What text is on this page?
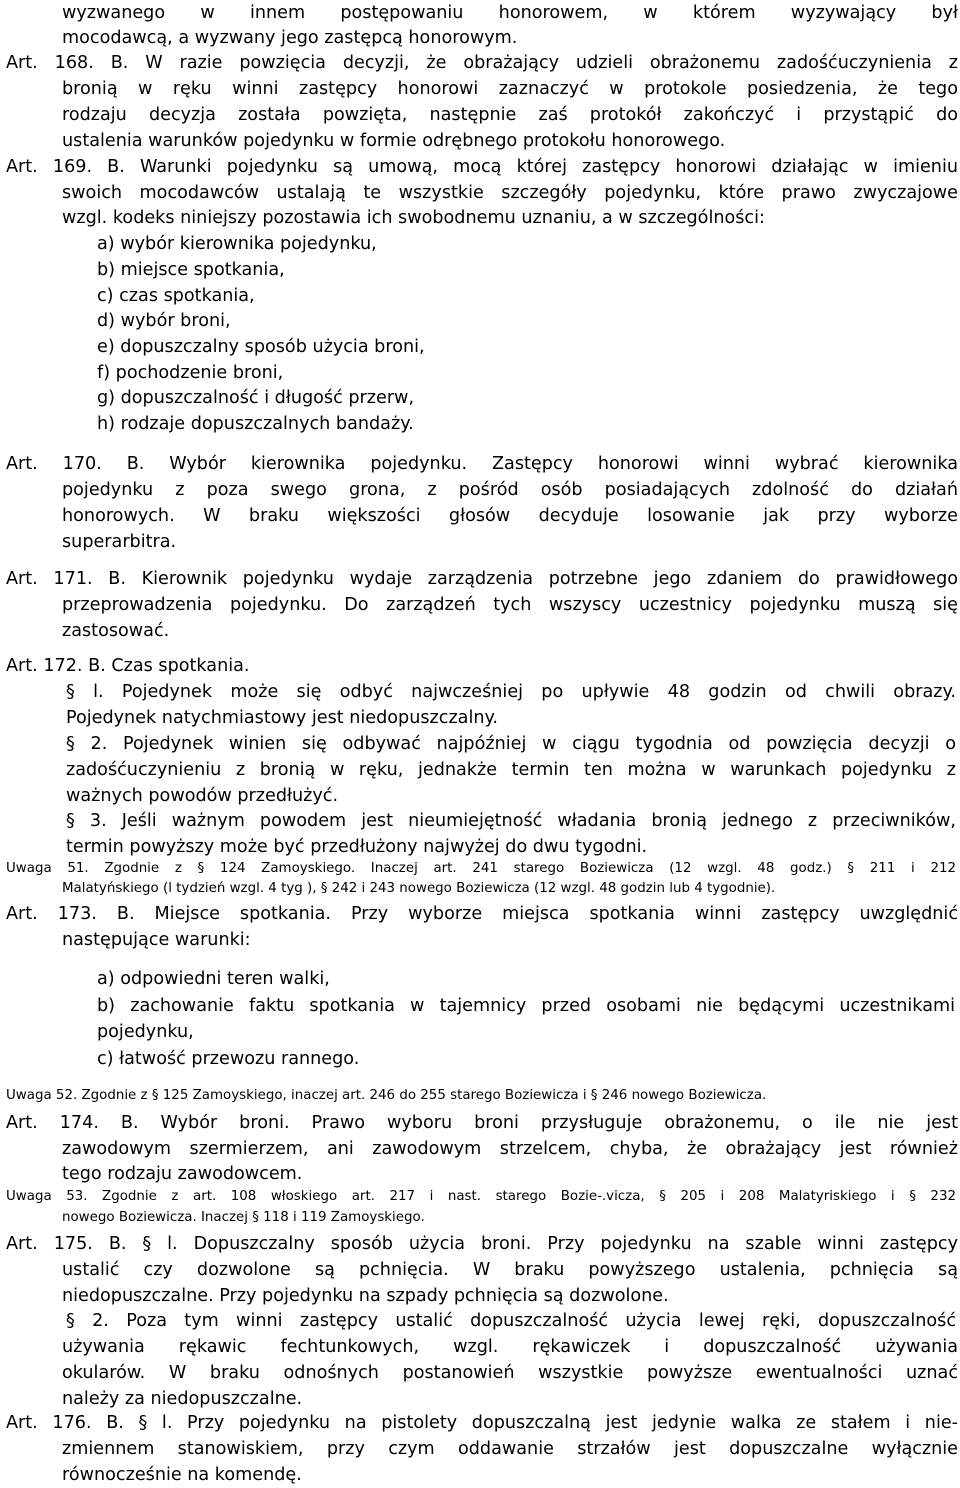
wyzwanego w innem postępowaniu honorowem, w którem wyzywający był
mocodawcą, a wyzwany jego zastępcą honorowym.
Art. 168. B. W razie powzięcia decyzji, że obrażający udzieli obrażonemu zadośćuczynienia z
bronią w ręku winni zastępcy honorowi zaznaczyć w protokole posiedzenia, że tego
rodzaju decyzja została powzięta, następnie zaś protokół zakończyć i przystąpić do
ustalenia warunków pojedynku w formie odrębnego protokołu honorowego.
Art. 169. B. Warunki pojedynku są umową, mocą której zastępcy honorowi działając w imieniu
swoich mocodawców ustalają te wszystkie szczegóły pojedynku, które prawo zwyczajowe
wzgl. kodeks niniejszy pozostawia ich swobodnemu uznaniu, a w szczególności:
a) wybór kierownika pojedynku,
b) miejsce spotkania,
c) czas spotkania,
d) wybór broni,
e) dopuszczalny sposób użycia broni,
f) pochodzenie broni,
g) dopuszczalność i długość przerw,
h) rodzaje dopuszczalnych bandaży.
Art. 170. B. Wybór kierownika pojedynku. Zastępcy honorowi winni wybrać kierownika
pojedynku z poza swego grona, z pośród osób posiadających zdolność do działań
honorowych. W braku większości głosów decyduje losowanie jak przy wyborze
superarbitra.
Art. 171. B. Kierownik pojedynku wydaje zarządzenia potrzebne jego zdaniem do prawidłowego
przeprowadzenia pojedynku. Do zarządzeń tych wszyscy uczestnicy pojedynku muszą się
zastosować.
Art. 172. B. Czas spotkania.
§ l. Pojedynek może się odbyć najwcześniej po upływie 48 godzin od chwili obrazy.
Pojedynek natychmiastowy jest niedopuszczalny.
§ 2. Pojedynek winien się odbywać najpóźniej w ciągu tygodnia od powzięcia decyzji o
zadośćuczynieniu z bronią w ręku, jednakże termin ten można w warunkach pojedynku z
ważnych powodów przedłużyć.
§ 3. Jeśli ważnym powodem jest nieumiejętność władania bronią jednego z przeciwników,
termin powyższy może być przedłużony najwyżej do dwu tygodni.
Uwaga 51. Zgodnie z § 124 Zamoyskiego. Inaczej art. 241 starego Boziewicza (12 wzgl. 48 godz.) § 211 i 212
Malatyńskiego (l tydzień wzgl. 4 tyg ), § 242 i 243 nowego Boziewicza (12 wzgl. 48 godzin lub 4 tygodnie).
Art. 173. B. Miejsce spotkania. Przy wyborze miejsca spotkania winni zastępcy uwzględnić
następujące warunki:
a) odpowiedni teren walki,
b) zachowanie faktu spotkania w tajemnicy przed osobami nie będącymi uczestnikami
pojedynku,
c) łatwość przewozu rannego.
Uwaga 52. Zgodnie z § 125 Zamoyskiego, inaczej art. 246 do 255 starego Boziewicza i § 246 nowego Boziewicza.
Art. 174. B. Wybór broni. Prawo wyboru broni przysługuje obrażonemu, o ile nie jest
zawodowym szermierzem, ani zawodowym strzelcem, chyba, że obrażający jest również
tego rodzaju zawodowcem.
Uwaga 53. Zgodnie z art. 108 włoskiego art. 217 i nast. starego Bozie-.vicza, § 205 i 208 Malatyriskiego i § 232
nowego Boziewicza. Inaczej § 118 i 119 Zamoyskiego.
Art. 175. B. § l. Dopuszczalny sposób użycia broni. Przy pojedynku na szable winni zastępcy
ustalić czy dozwolone są pchnięcia. W braku powyższego ustalenia, pchnięcia są
niedopuszczalne. Przy pojedynku na szpady pchnięcia są dozwolone.
§ 2. Poza tym winni zastępcy ustalić dopuszczalność użycia lewej ręki, dopuszczalność
używania rękawic fechtunkowych, wzgl. rękawiczek i dopuszczalność używania
okularów. W braku odnośnych postanowień wszystkie powyższe ewentualności uznać
należy za niedopuszczalne.
Art. 176. B. § l. Przy pojedynku na pistolety dopuszczalną jest jedynie walka ze stałem i nie-
zmiennem stanowiskiem, przy czym oddawanie strzałów jest dopuszczalne wyłącznie
równocześnie na komendę.
